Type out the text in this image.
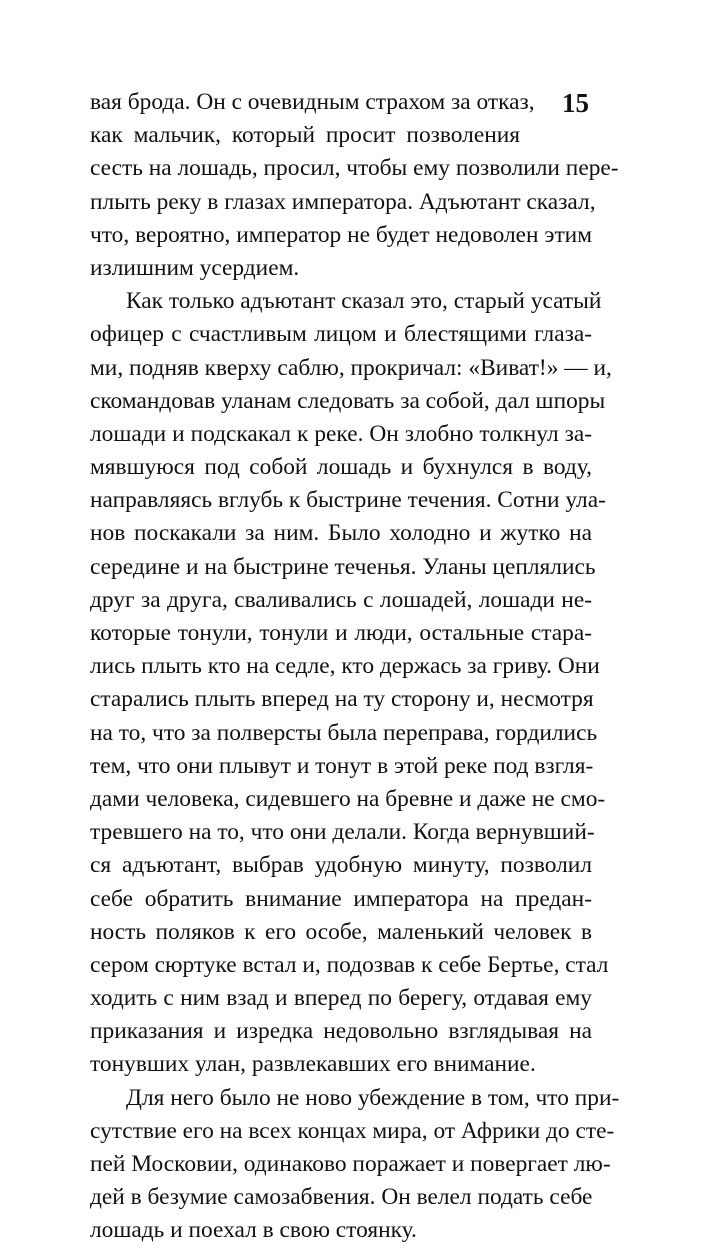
15
вая брода. Он с очевидным страхом за отказ,
как мальчик, который просит позволения
сесть на лошадь, просил, чтобы ему позволили пере-
плыть реку в глазах императора. Адъютант сказал,
что, вероятно, император не будет недоволен этим
излишним усердием.
Как только адъютант сказал это, старый усатый
офицер с счастливым лицом и блестящими глаза-
ми, подняв кверху саблю, прокричал: «Виват!» — и,
скомандовав уланам следовать за собой, дал шпоры
лошади и подскакал к реке. Он злобно толкнул за-
мявшуюся под собой лошадь и бухнулся в воду,
направляясь вглубь к быстрине течения. Сотни ула-
нов поскакали за ним. Было холодно и жутко на
середине и на быстрине теченья. Уланы цеплялись
друг за друга, сваливались с лошадей, лошади не-
которые тонули, тонули и люди, остальные стара-
лись плыть кто на седле, кто держась за гриву. Они
старались плыть вперед на ту сторону и, несмотря
на то, что за полверсты была переправа, гордились
тем, что они плывут и тонут в этой реке под взгля-
дами человека, сидевшего на бревне и даже не смо-
тревшего на то, что они делали. Когда вернувший-
ся адъютант, выбрав удобную минуту, позволил
себе обратить внимание императора на предан-
ность поляков к его особе, маленький человек в
сером сюртуке встал и, подозвав к себе Бертье, стал
ходить с ним взад и вперед по берегу, отдавая ему
приказания и изредка недовольно взглядывая на
тонувших улан, развлекавших его внимание.
Для него было не ново убеждение в том, что при-
сутствие его на всех концах мира, от Африки до сте-
пей Московии, одинаково поражает и повергает лю-
дей в безумие самозабвения. Он велел подать себе
лошадь и поехал в свою стоянку.
